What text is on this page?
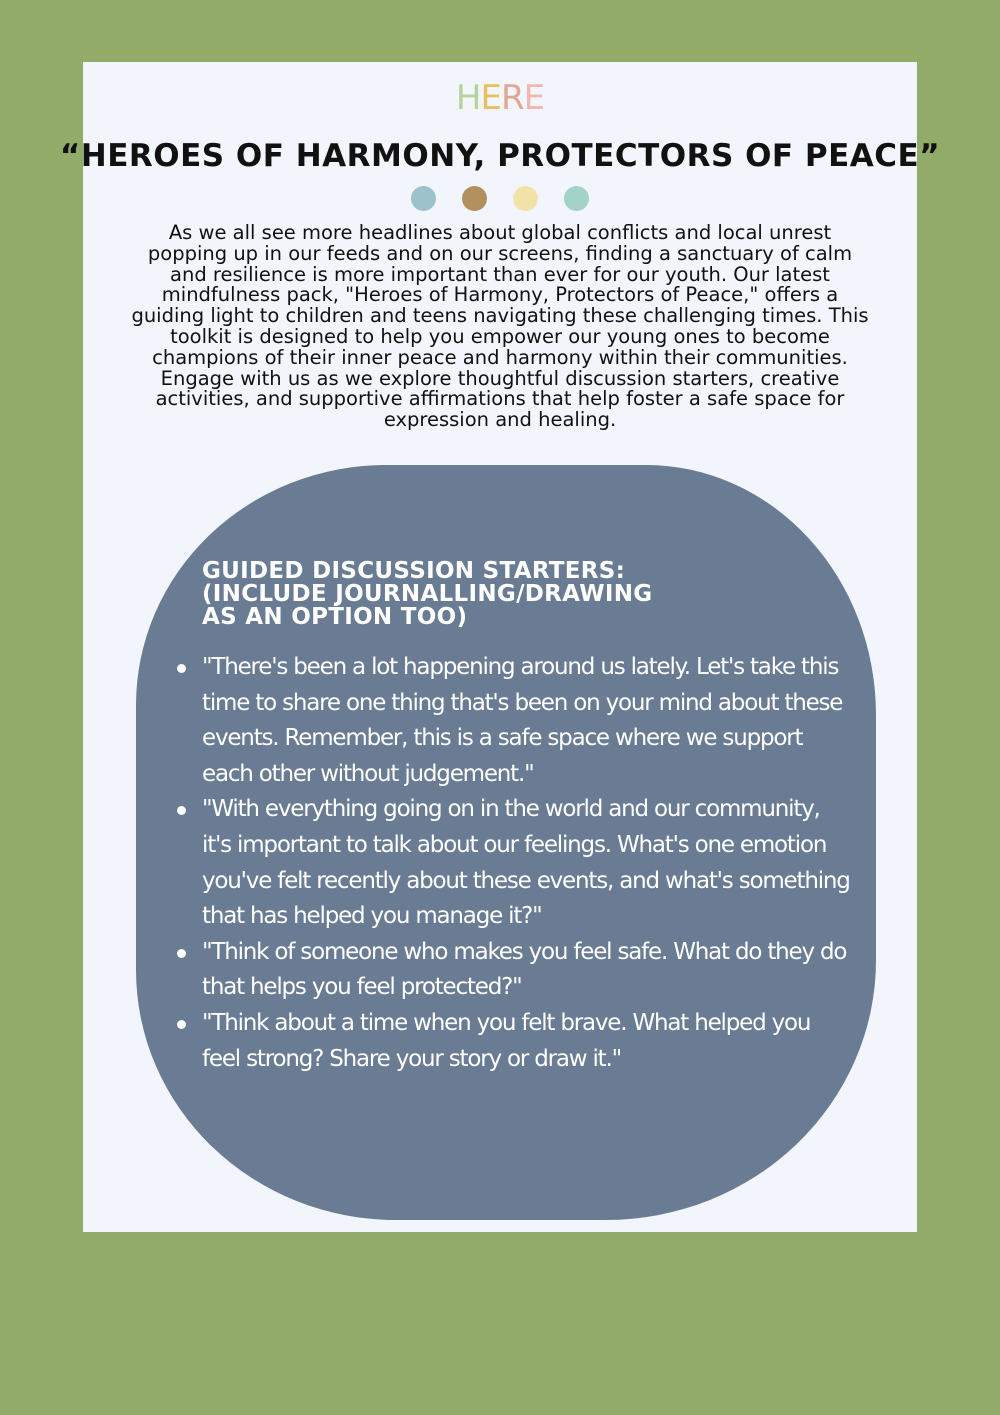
HERE
“HEROES OF HARMONY, PROTECTORS OF PEACE”

As we all see more headlines about global conflicts and local unrest popping up in our feeds and on our screens, finding a sanctuary of calm and resilience is more important than ever for our youth. Our latest mindfulness pack, "Heroes of Harmony, Protectors of Peace," offers a guiding light to children and teens navigating these challenging times. This toolkit is designed to help you empower our young ones to become champions of their inner peace and harmony within their communities. Engage with us as we explore thoughtful discussion starters, creative activities, and supportive affirmations that help foster a safe space for expression and healing.

GUIDED DISCUSSION STARTERS: (INCLUDE JOURNALLING/DRAWING AS AN OPTION TOO)
"There's been a lot happening around us lately. Let's take this time to share one thing that's been on your mind about these events. Remember, this is a safe space where we support each other without judgement."
"With everything going on in the world and our community, it's important to talk about our feelings. What's one emotion you've felt recently about these events, and what's something that has helped you manage it?"
"Think of someone who makes you feel safe. What do they do that helps you feel protected?"
"Think about a time when you felt brave. What helped you feel strong? Share your story or draw it."
